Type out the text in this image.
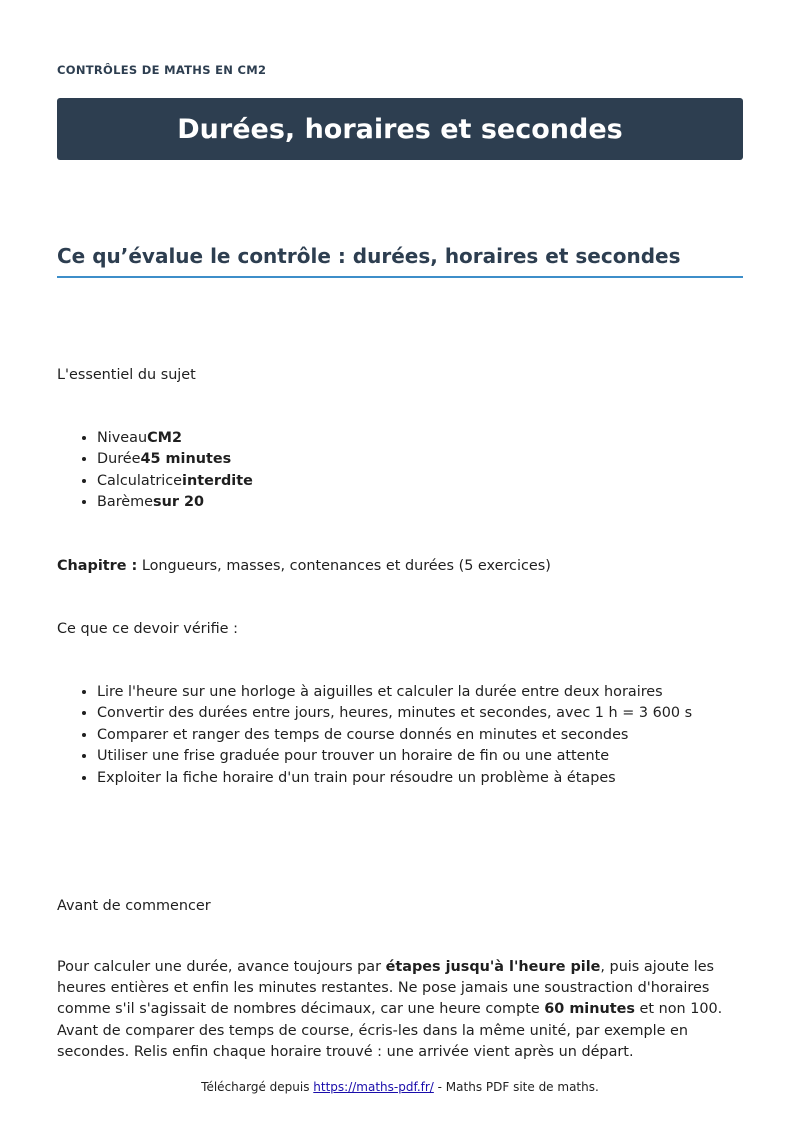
CONTRÔLES DE MATHS EN CM2
Durées, horaires et secondes
Ce qu’évalue le contrôle : durées, horaires et secondes

L'essentiel du sujet

• NiveauCM2
• Durée45 minutes
• Calculatriceinterdite
• Barèmesur 20

Chapitre : Longueurs, masses, contenances et durées (5 exercices)

Ce que ce devoir vérifie :

• Lire l'heure sur une horloge à aiguilles et calculer la durée entre deux horaires
• Convertir des durées entre jours, heures, minutes et secondes, avec 1 h = 3 600 s
• Comparer et ranger des temps de course donnés en minutes et secondes
• Utiliser une frise graduée pour trouver un horaire de fin ou une attente
• Exploiter la fiche horaire d'un train pour résoudre un problème à étapes

Avant de commencer

Pour calculer une durée, avance toujours par étapes jusqu'à l'heure pile, puis ajoute les heures entières et enfin les minutes restantes. Ne pose jamais une soustraction d'horaires comme s'il s'agissait de nombres décimaux, car une heure compte 60 minutes et non 100. Avant de comparer des temps de course, écris-les dans la même unité, par exemple en secondes. Relis enfin chaque horaire trouvé : une arrivée vient après un départ.

Téléchargé depuis https://maths-pdf.fr/ - Maths PDF site de maths.
